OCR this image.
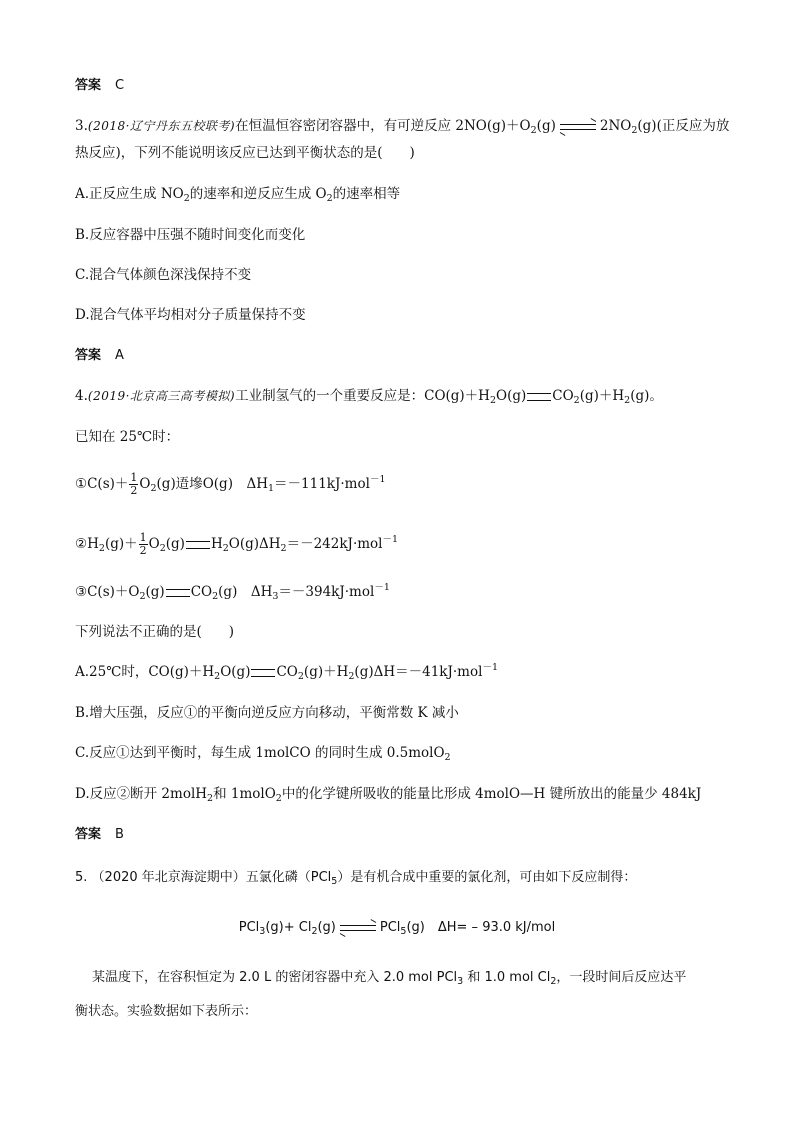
答案 C
3.(2018·辽宁丹东五校联考)在恒温恒容密闭容器中，有可逆反应 $2NO(g)+O_2(g)$	$2NO_2(g)$(正反应为放
热反应)，下列不能说明该反应已达到平衡状态的是(　　)
A.正反应生成 $NO_2$的速率和逆反应生成 $O_2$的速率相等
B.反应容器中压强不随时间变化而变化
C.混合气体颜色深浅保持不变
D.混合气体平均相对分子质量保持不变
答案 A
4.(2019·北京高三高考模拟)工业制氢气的一个重要反应是：$CO(g)+H_2O(g)$ $CO_2(g)+H_2(g)$。
已知在 25℃时：
①C(s)＋ $\frac{1}{2} O_2(g)$逜墋O(g)　$\Delta H_1=-111kJ\cdot mol^{-1}$
$②H_2(g)+ \frac{1}{2} O_2(g)$ $H_2O(g)\Delta H_2=-242kJ\cdot mol^{-1}$
$③C(s)+O_2(g)$ $CO_2(g)$　$\Delta H_3=-394kJ\cdot mol^{-1}$
下列说法不正确的是(　　)
A.25℃时，$CO(g)+H_2O(g)$ $CO_2(g)+H_2(g)\Delta H=-41kJ\cdot mol^{-1}$
B.增大压强，反应①的平衡向逆反应方向移动，平衡常数 K 减小
C.反应①达到平衡时，每生成 1molCO 的同时生成 0.5molO$_2$
D.反应②断开 2molH$_2$和 1molO$_2$中的化学键所吸收的能量比形成 4molO—H 键所放出的能量少 484kJ
答案 B
5. （2020 年北京海淀期中）五氯化磷（PCl$_5$）是有机合成中重要的氯化剂，可由如下反应制得：
$PCl_3(g)+ Cl_2(g)$	PCl$_5$(g)　ΔH= – 93.0 kJ/mol
某温度下，在容积恒定为 2.0 L 的密闭容器中充入 2.0 mol PCl$_3$ 和 1.0 mol $Cl_2$，一段时间后反应达平
衡状态。实验数据如下表所示：
